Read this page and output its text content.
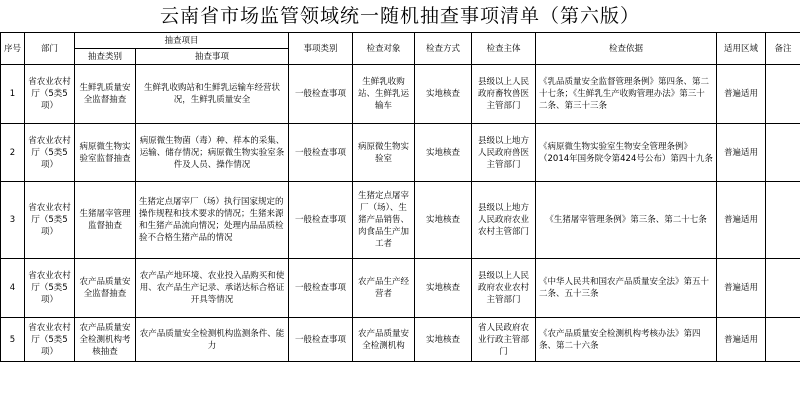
云南省市场监管领域统一随机抽查事项清单（第六版）
序号	部门	抽查项目		事项类别	检查对象	检查方式	检查主体	检查依据	适用区域	备注
		抽查类别	抽查事项							
1	省农业农村厅（5类5项）	生鲜乳质量安全监督抽查	生鲜乳收购站和生鲜乳运输车经营状况，生鲜乳质量安全	一般检查事项	生鲜乳收购站、生鲜乳运输车	实地核查	县级以上人民政府畜牧兽医主管部门	《乳品质量安全监督管理条例》第四条、第二十七条；《生鲜乳生产收购管理办法》第三十二条、第三十三条	普遍适用	
2	省农业农村厅（5类5项）	病原微生物实验室监督抽查	病原微生物菌（毒）种、样本的采集、运输、储存情况；病原微生物实验室条件及人员、操作情况	一般检查事项	病原微生物实验室	实地核查	县级以上地方人民政府兽医主管部门	《病原微生物实验室生物安全管理条例》（2014年国务院令第424号公布）第四十九条	普遍适用	
3	省农业农村厅（5类5项）	生猪屠宰管理监督抽查	生猪定点屠宰厂（场）执行国家规定的操作规程和技术要求的情况；生猪来源和生猪产品流向情况；处理内品品质检验不合格生猪产品的情况	一般检查事项	生猪定点屠宰厂（场）、生猪产品销售、肉食品生产加工者	实地核查	县级以上地方人民政府农业农村主管部门	《生猪屠宰管理条例》第三条、第二十七条	普遍适用	
4	省农业农村厅（5类5项）	农产品质量安全监督抽查	农产品产地环境、农业投入品购买和使用、农产品生产记录、承诺达标合格证开具等情况	一般检查事项	农产品生产经营者	实地核查	县级以上人民政府农业农村主管部门	《中华人民共和国农产品质量安全法》第五十二条、五十三条	普遍适用	
5	省农业农村厅（5类5项）	农产品质量安全检测机构考核抽查	农产品质量安全检测机构监测条件、能力	一般检查事项	农产品质量安全检测机构	实地核查	省人民政府农业行政主管部门	《农产品质量安全检测机构考核办法》第四条、第二十六条	普遍适用	
